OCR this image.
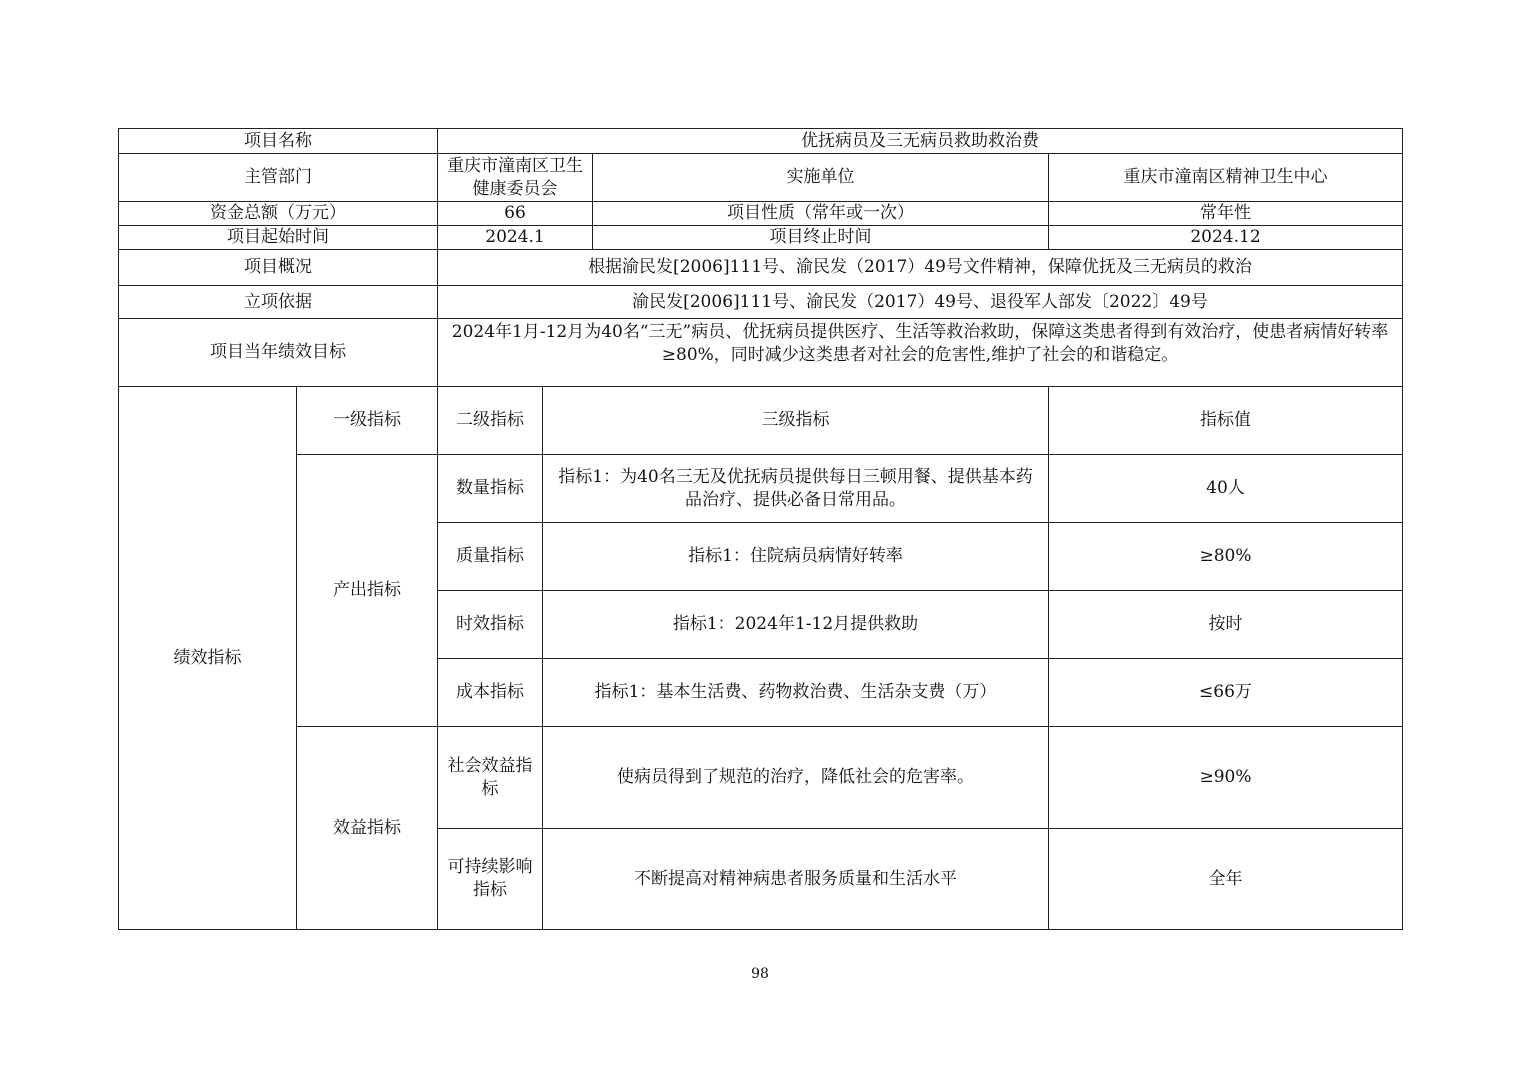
项目名称		优抚病员及三无病员救助救治费			
主管部门		重庆市潼南区卫生健康委员会		实施单位	重庆市潼南区精神卫生中心
资金总额（万元）		66		项目性质（常年或一次）	常年性
项目起始时间		2024.1		项目终止时间	2024.12
项目概况		根据渝民发[2006]111号、渝民发（2017）49号文件精神，保障优抚及三无病员的救治			
立项依据		渝民发[2006]111号、渝民发（2017）49号、退役军人部发〔2022〕49号			
项目当年绩效目标		2024年1月-12月为40名“三无”病员、优抚病员提供医疗、生活等救治救助，保障这类患者得到有效治疗，使患者病情好转率≥80%，同时减少这类患者对社会的危害性,维护了社会的和谐稳定。			
绩效指标	一级指标	二级指标	三级指标		指标值
	产出指标	数量指标	指标1：为40名三无及优抚病员提供每日三顿用餐、提供基本药品治疗、提供必备日常用品。		40人
		质量指标	指标1：住院病员病情好转率		≥80%
		时效指标	指标1：2024年1-12月提供救助		按时
		成本指标	指标1：基本生活费、药物救治费、生活杂支费（万）		≤66万
	效益指标	社会效益指标	使病员得到了规范的治疗，降低社会的危害率。		≥90%
		可持续影响指标	不断提高对精神病患者服务质量和生活水平		全年
98
